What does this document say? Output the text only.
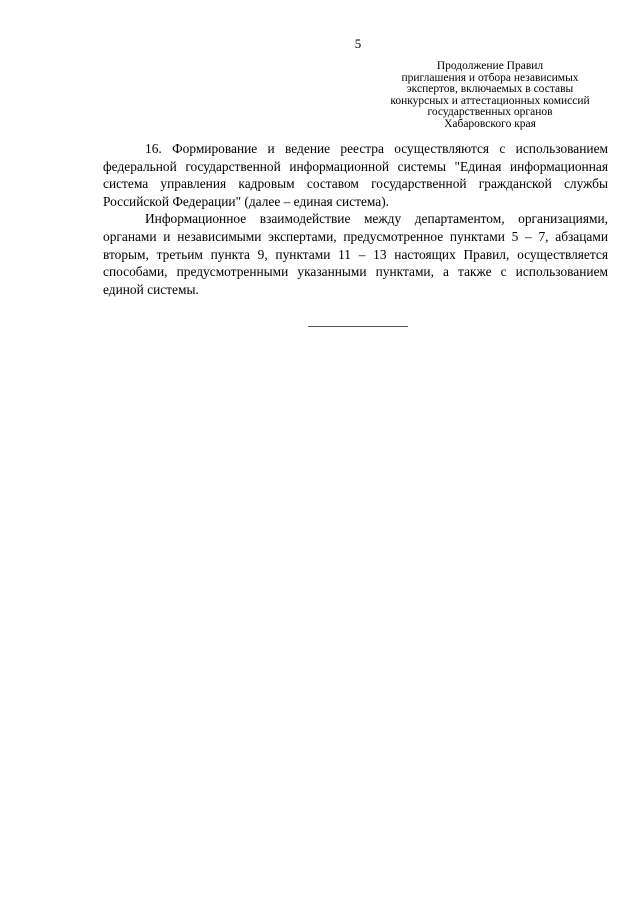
5
Продолжение Правил
приглашения и отбора независимых
экспертов, включаемых в составы
конкурсных и аттестационных комиссий
государственных органов
Хабаровского края

16. Формирование и ведение реестра осуществляются с использованием федеральной государственной информационной системы "Единая информационная система управления кадровым составом государственной гражданской службы Российской Федерации" (далее – единая система).

Информационное взаимодействие между департаментом, организациями, органами и независимыми экспертами, предусмотренное пунктами 5 – 7, абзацами вторым, третьим пункта 9, пунктами 11 – 13 настоящих Правил, осуществляется способами, предусмотренными указанными пунктами, а также с использованием единой системы.
